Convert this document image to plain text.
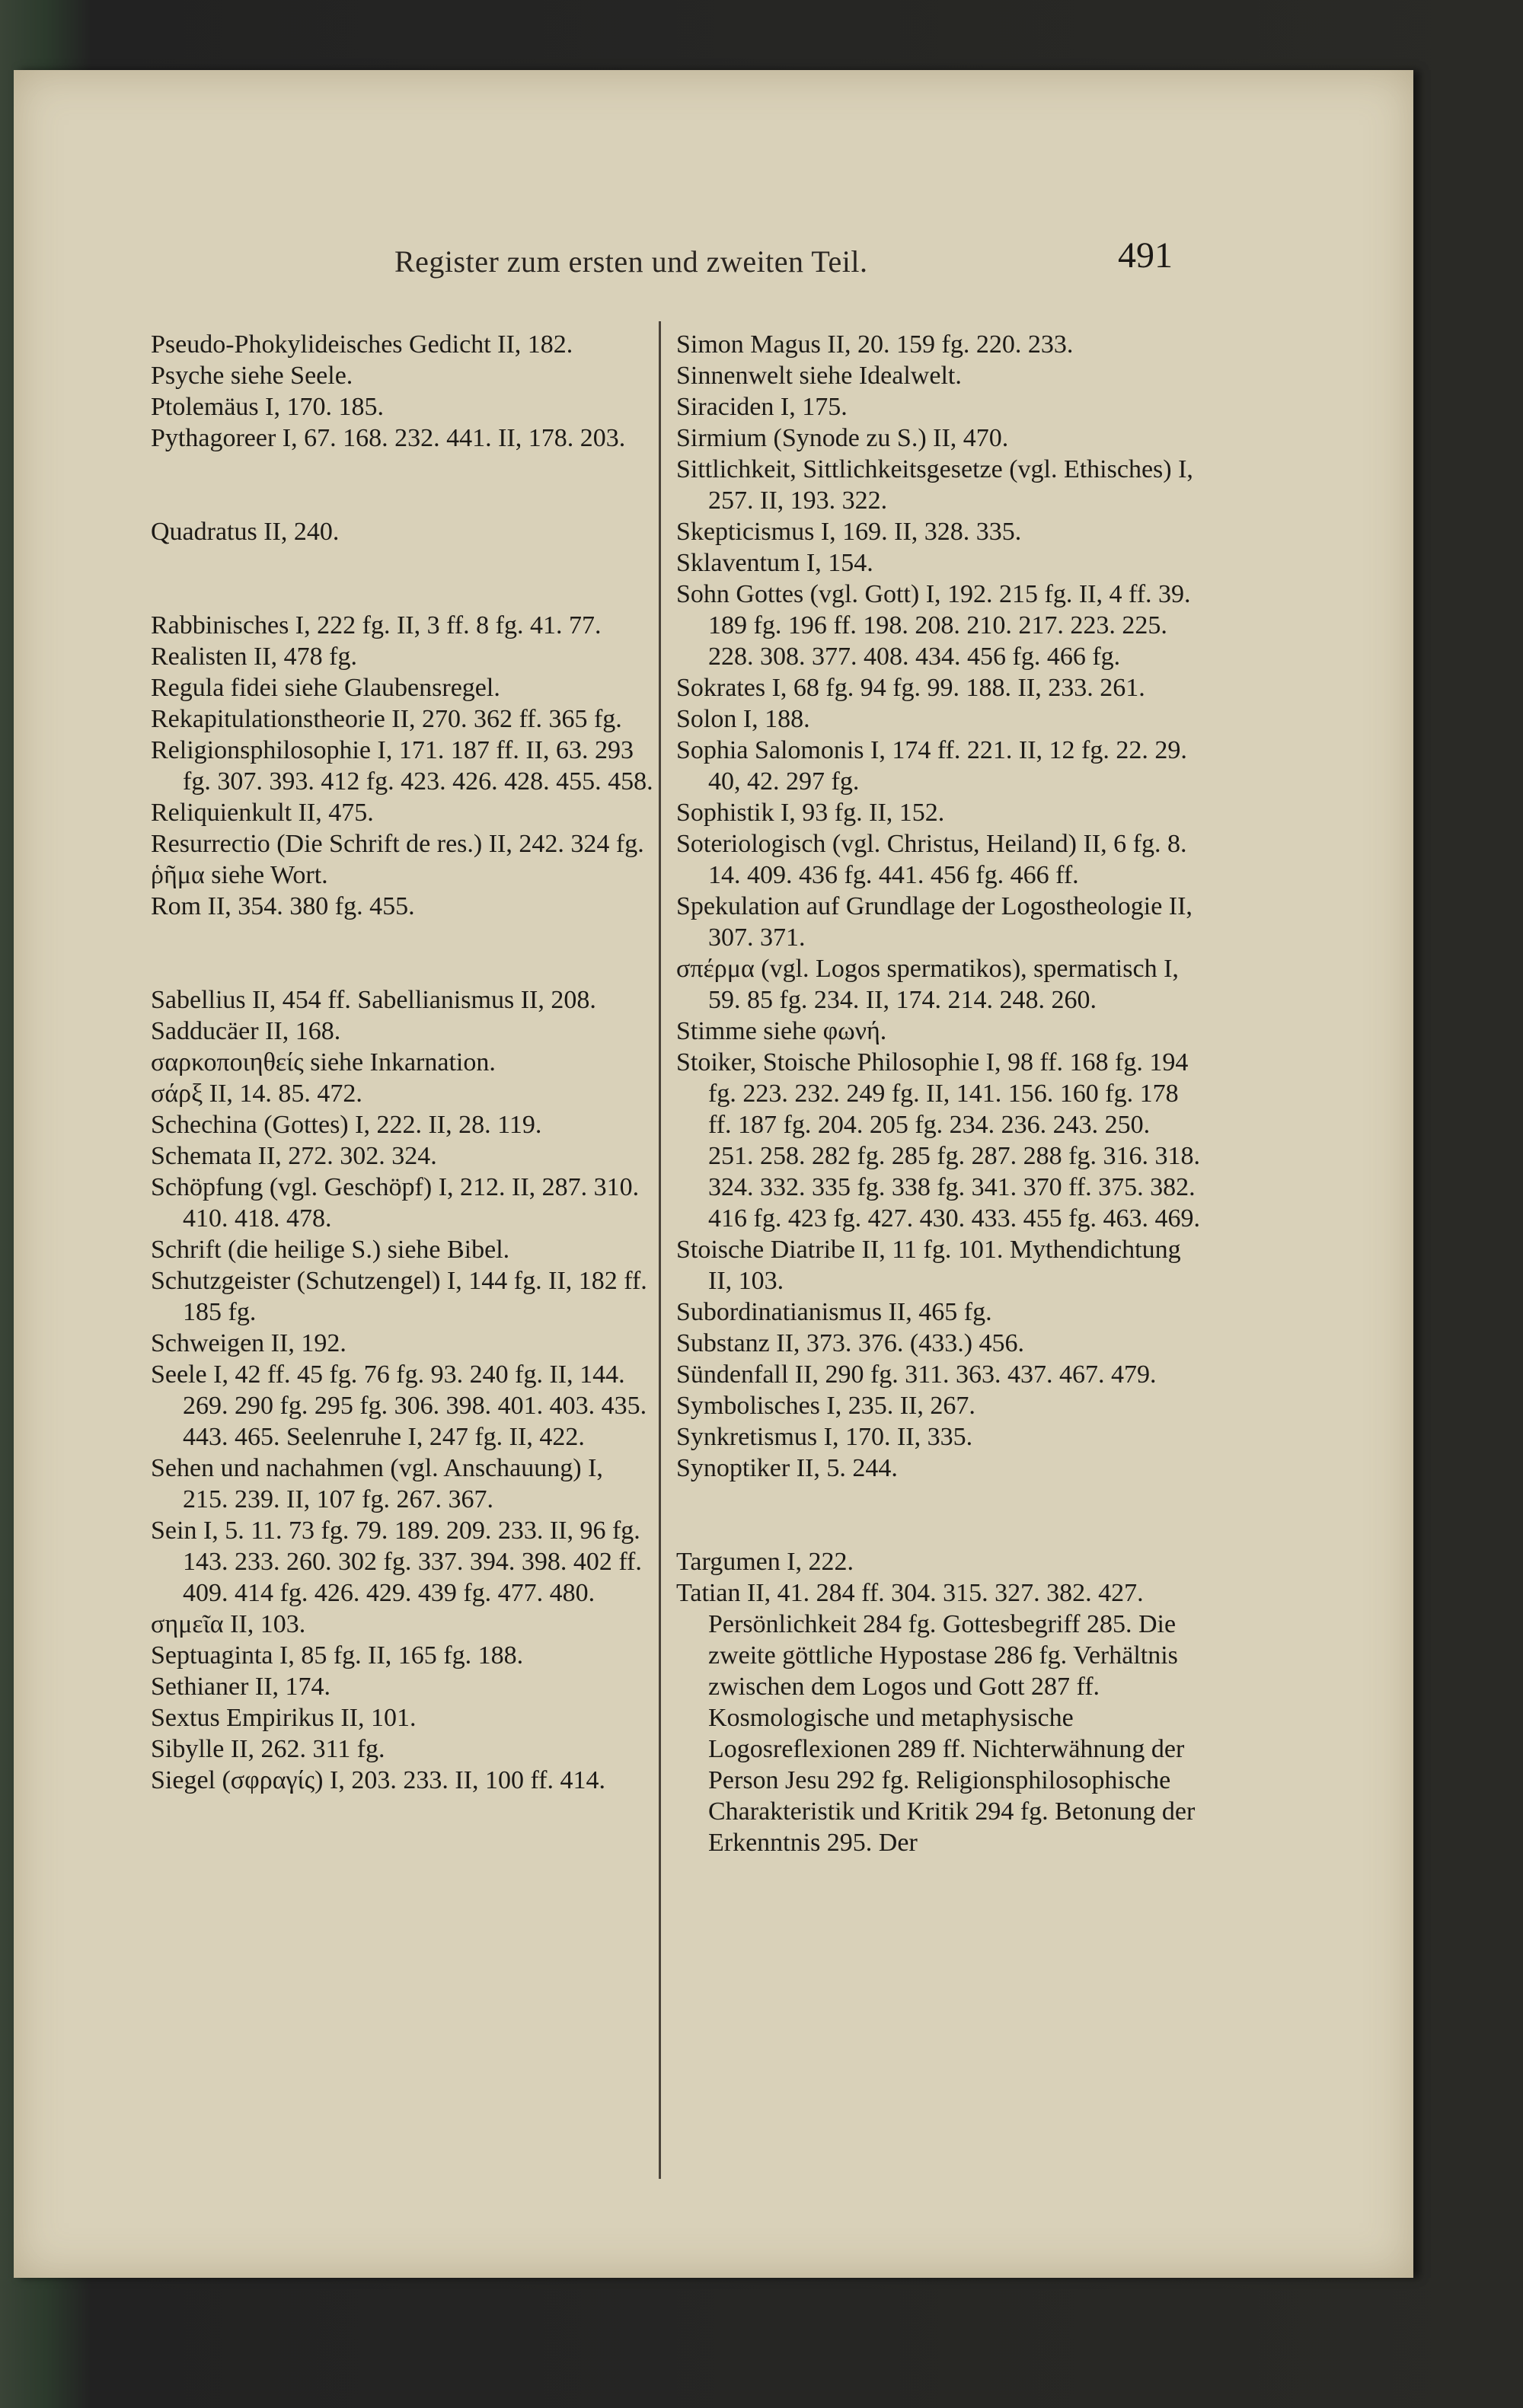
Register zum ersten und zweiten Teil.	491

Pseudo-Phokylideisches Gedicht II, 182.

Psyche siehe Seele.

Ptolemäus I, 170. 185.

Pythagoreer I, 67. 168. 232. 441. II, 178. 203.

Quadratus II, 240.

Rabbinisches I, 222 fg. II, 3 ff. 8 fg. 41. 77.

Realisten II, 478 fg.

Regula fidei siehe Glaubensregel.

Rekapitulationstheorie II, 270. 362 ff. 365 fg.

Religionsphilosophie I, 171. 187 ff. II, 63. 293 fg. 307. 393. 412 fg. 423. 426. 428. 455. 458.

Reliquienkult II, 475.

Resurrectio (Die Schrift de res.) II, 242. 324 fg.

ῥῆμα siehe Wort.

Rom II, 354. 380 fg. 455.

Sabellius II, 454 ff. Sabellianismus II, 208.

Sadducäer II, 168.

σαρκοποιηθείς siehe Inkarnation.

σάρξ II, 14. 85. 472.

Schechina (Gottes) I, 222. II, 28. 119.

Schemata II, 272. 302. 324.

Schöpfung (vgl. Geschöpf) I, 212. II, 287. 310. 410. 418. 478.

Schrift (die heilige S.) siehe Bibel.

Schutzgeister (Schutzengel) I, 144 fg. II, 182 ff. 185 fg.

Schweigen II, 192.

Seele I, 42 ff. 45 fg. 76 fg. 93. 240 fg. II, 144. 269. 290 fg. 295 fg. 306. 398. 401. 403. 435. 443. 465. Seelenruhe I, 247 fg. II, 422.

Sehen und nachahmen (vgl. Anschauung) I, 215. 239. II, 107 fg. 267. 367.

Sein I, 5. 11. 73 fg. 79. 189. 209. 233. II, 96 fg. 143. 233. 260. 302 fg. 337. 394. 398. 402 ff. 409. 414 fg. 426. 429. 439 fg. 477. 480.

σημεῖα II, 103.

Septuaginta I, 85 fg. II, 165 fg. 188.

Sethianer II, 174.

Sextus Empirikus II, 101.

Sibylle II, 262. 311 fg.

Siegel (σφραγίς) I, 203. 233. II, 100 ff. 414.

Simon Magus II, 20. 159 fg. 220. 233.

Sinnenwelt siehe Idealwelt.

Siraciden I, 175.

Sirmium (Synode zu S.) II, 470.

Sittlichkeit, Sittlichkeitsgesetze (vgl. Ethisches) I, 257. II, 193. 322.

Skepticismus I, 169. II, 328. 335.

Sklaventum I, 154.

Sohn Gottes (vgl. Gott) I, 192. 215 fg. II, 4 ff. 39. 189 fg. 196 ff. 198. 208. 210. 217. 223. 225. 228. 308. 377. 408. 434. 456 fg. 466 fg.

Sokrates I, 68 fg. 94 fg. 99. 188. II, 233. 261.

Solon I, 188.

Sophia Salomonis I, 174 ff. 221. II, 12 fg. 22. 29. 40, 42. 297 fg.

Sophistik I, 93 fg. II, 152.

Soteriologisch (vgl. Christus, Heiland) II, 6 fg. 8. 14. 409. 436 fg. 441. 456 fg. 466 ff.

Spekulation auf Grundlage der Logostheologie II, 307. 371.

σπέρμα (vgl. Logos spermatikos), spermatisch I, 59. 85 fg. 234. II, 174. 214. 248. 260.

Stimme siehe φωνή.

Stoiker, Stoische Philosophie I, 98 ff. 168 fg. 194 fg. 223. 232. 249 fg. II, 141. 156. 160 fg. 178 ff. 187 fg. 204. 205 fg. 234. 236. 243. 250. 251. 258. 282 fg. 285 fg. 287. 288 fg. 316. 318. 324. 332. 335 fg. 338 fg. 341. 370 ff. 375. 382. 416 fg. 423 fg. 427. 430. 433. 455 fg. 463. 469.

Stoische Diatribe II, 11 fg. 101. Mythendichtung II, 103.

Subordinatianismus II, 465 fg.

Substanz II, 373. 376. (433.) 456.

Sündenfall II, 290 fg. 311. 363. 437. 467. 479.

Symbolisches I, 235. II, 267.

Synkretismus I, 170. II, 335.

Synoptiker II, 5. 244.

Targumen I, 222.

Tatian II, 41. 284 ff. 304. 315. 327. 382. 427. Persönlichkeit 284 fg. Gottesbegriff 285. Die zweite göttliche Hypostase 286 fg. Verhältnis zwischen dem Logos und Gott 287 ff. Kosmologische und metaphysische Logosreflexionen 289 ff. Nichterwähnung der Person Jesu 292 fg. Religionsphilosophische Charakteristik und Kritik 294 fg. Betonung der Erkenntnis 295. Der
